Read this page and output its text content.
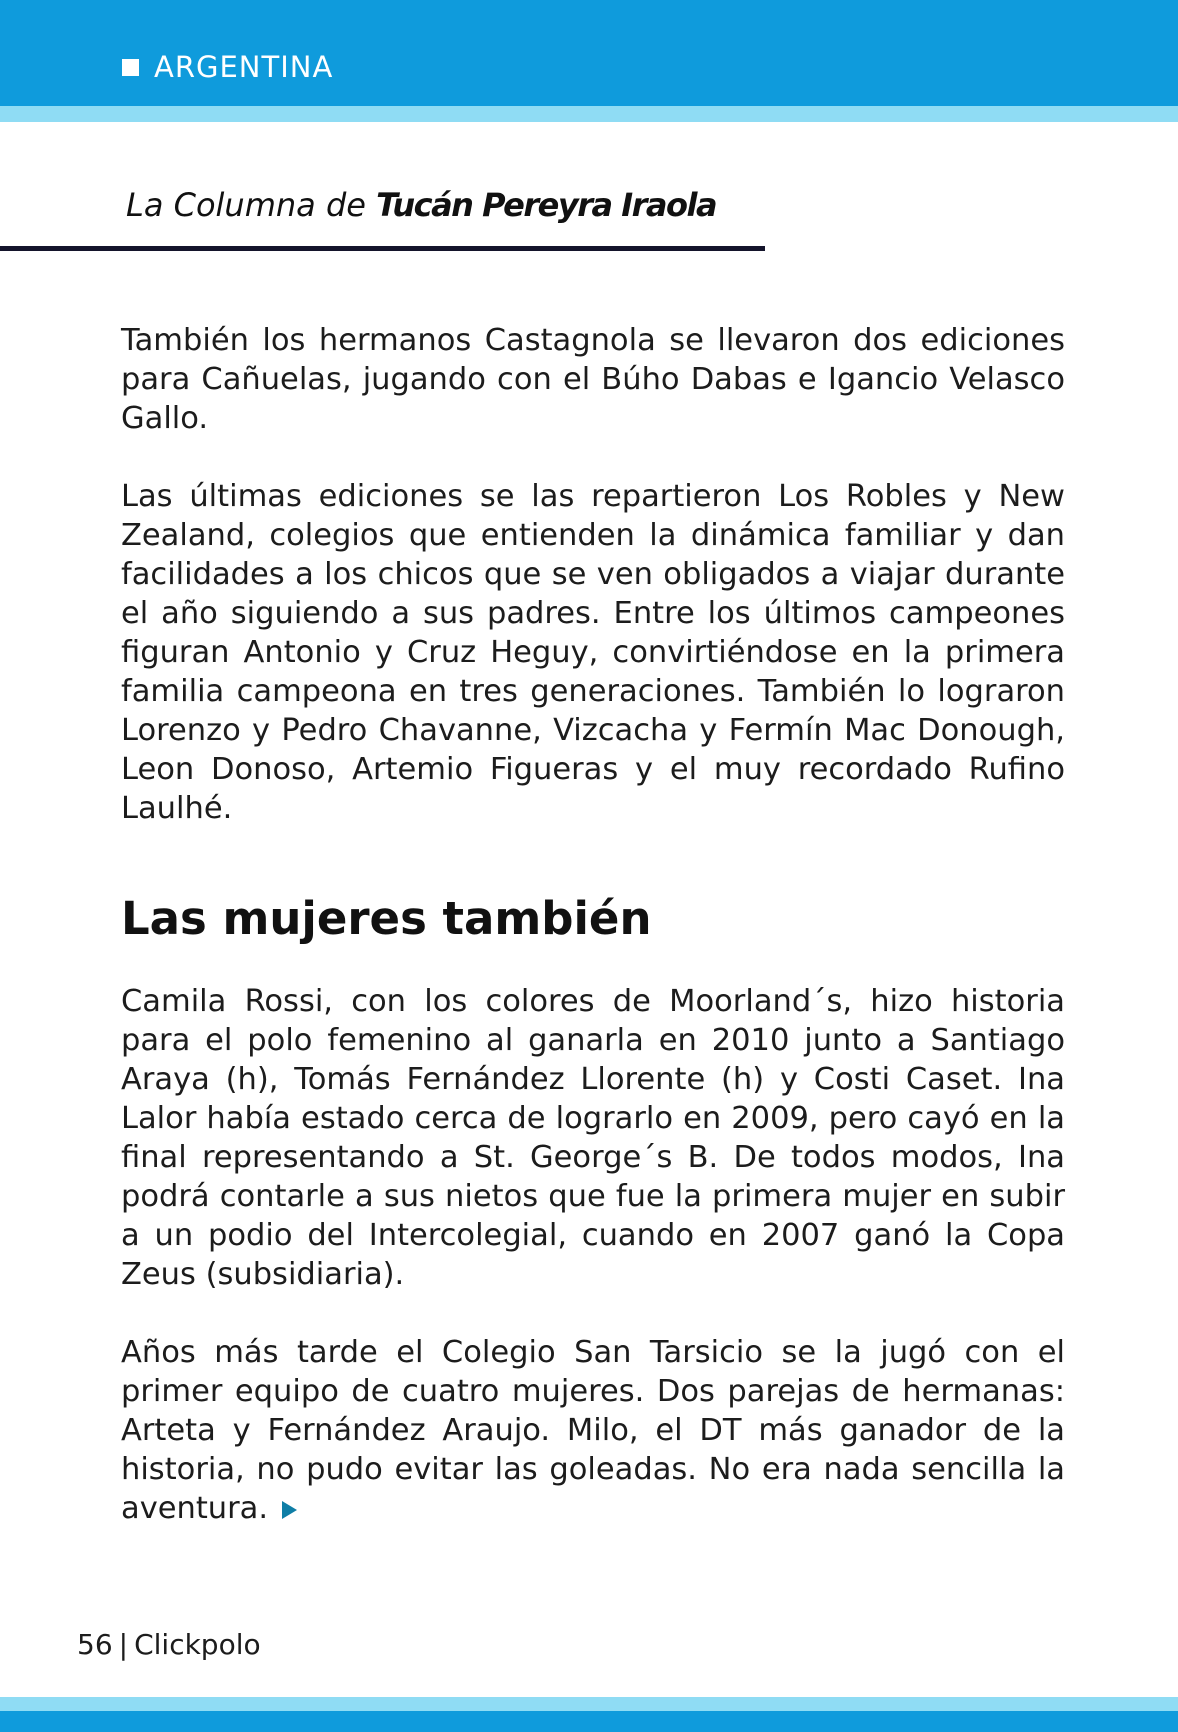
ARGENTINA
La Columna de Tucán Pereyra Iraola

También los hermanos Castagnola se llevaron dos ediciones para Cañuelas, jugando con el Búho Dabas e Igancio Velasco Gallo.

Las últimas ediciones se las repartieron Los Robles y New Zealand, colegios que entienden la dinámica familiar y dan facilidades a los chicos que se ven obligados a viajar durante el año siguiendo a sus padres. Entre los últimos campeones figuran Antonio y Cruz Heguy, convirtiéndose en la primera familia campeona en tres generaciones. También lo lograron Lorenzo y Pedro Chavanne, Vizcacha y Fermín Mac Donough, Leon Donoso, Artemio Figueras y el muy recordado Rufino Laulhé.

Las mujeres también

Camila Rossi, con los colores de Moorland´s, hizo historia para el polo femenino al ganarla en 2010 junto a Santiago Araya (h), Tomás Fernández Llorente (h) y Costi Caset. Ina Lalor había estado cerca de lograrlo en 2009, pero cayó en la final representando a St. George´s B. De todos modos, Ina podrá contarle a sus nietos que fue la primera mujer en subir a un podio del Intercolegial, cuando en 2007 ganó la Copa Zeus (subsidiaria).

Años más tarde el Colegio San Tarsicio se la jugó con el primer equipo de cuatro mujeres. Dos parejas de hermanas: Arteta y Fernández Araujo. Milo, el DT más ganador de la historia, no pudo evitar las goleadas. No era nada sencilla la aventura.

56 | Clickpolo
